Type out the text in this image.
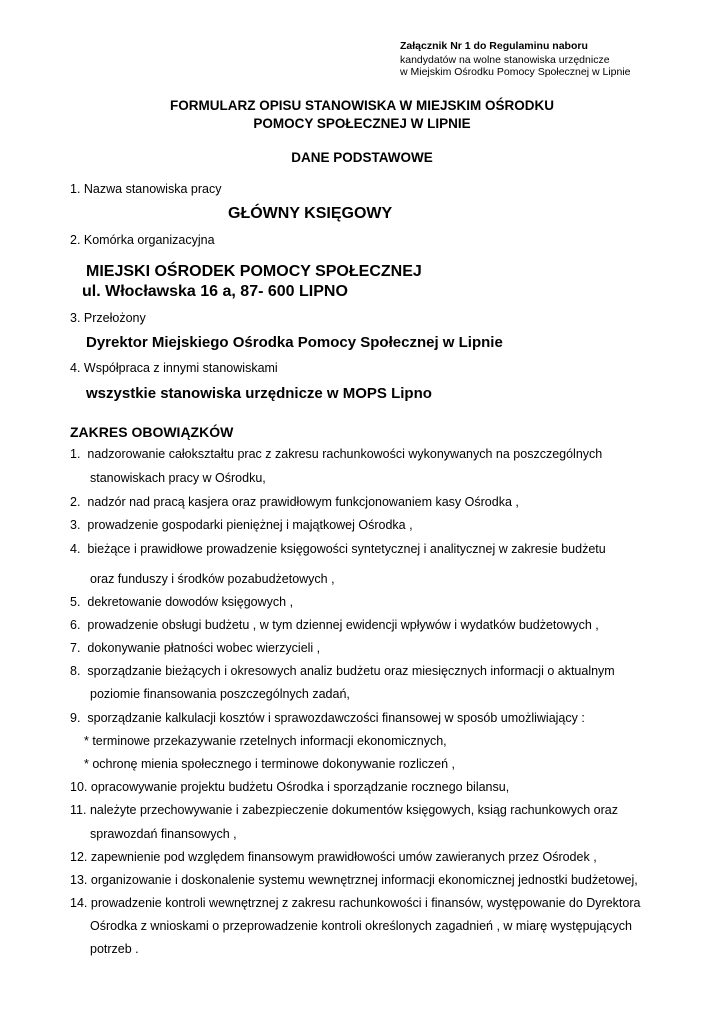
Załącznik Nr 1 do Regulaminu naboru
kandydatów na wolne stanowiska urzędnicze
w Miejskim Ośrodku Pomocy Społecznej w Lipnie
FORMULARZ OPISU STANOWISKA W MIEJSKIM OŚRODKU
POMOCY SPOŁECZNEJ W LIPNIE
DANE PODSTAWOWE
1. Nazwa stanowiska pracy
GŁÓWNY KSIĘGOWY
2. Komórka organizacyjna
MIEJSKI OŚRODEK POMOCY SPOŁECZNEJ
ul. Włocławska 16 a, 87- 600 LIPNO
3. Przełożony
Dyrektor Miejskiego Ośrodka Pomocy Społecznej w Lipnie
4. Współpraca z innymi stanowiskami
wszystkie stanowiska urzędnicze w MOPS Lipno
ZAKRES OBOWIĄZKÓW
1. nadzorowanie całokształtu prac z zakresu rachunkowości wykonywanych na poszczególnych
stanowiskach pracy w Ośrodku,
2. nadzór nad pracą kasjera oraz prawidłowym funkcjonowaniem kasy Ośrodka ,
3. prowadzenie gospodarki pieniężnej i majątkowej Ośrodka ,
4. bieżące i prawidłowe prowadzenie księgowości syntetycznej i analitycznej w zakresie budżetu
oraz funduszy i środków pozabudżetowych ,
5. dekretowanie dowodów księgowych ,
6. prowadzenie obsługi budżetu , w tym dziennej ewidencji wpływów i wydatków budżetowych ,
7. dokonywanie płatności wobec wierzycieli ,
8. sporządzanie bieżących i okresowych analiz budżetu oraz miesięcznych informacji o aktualnym
poziomie finansowania poszczególnych zadań,
9. sporządzanie kalkulacji kosztów i sprawozdawczości finansowej w sposób umożliwiający :
* terminowe przekazywanie rzetelnych informacji ekonomicznych,
* ochronę mienia społecznego i terminowe dokonywanie rozliczeń ,
10. opracowywanie projektu budżetu Ośrodka i sporządzanie rocznego bilansu,
11. należyte przechowywanie i zabezpieczenie dokumentów księgowych, ksiąg rachunkowych oraz
sprawozdań finansowych ,
12. zapewnienie pod względem finansowym prawidłowości umów zawieranych przez Ośrodek ,
13. organizowanie i doskonalenie systemu wewnętrznej informacji ekonomicznej jednostki budżetowej,
14. prowadzenie kontroli wewnętrznej z zakresu rachunkowości i finansów, występowanie do Dyrektora
Ośrodka z wnioskami o przeprowadzenie kontroli określonych zagadnień , w miarę występujących
potrzeb .
